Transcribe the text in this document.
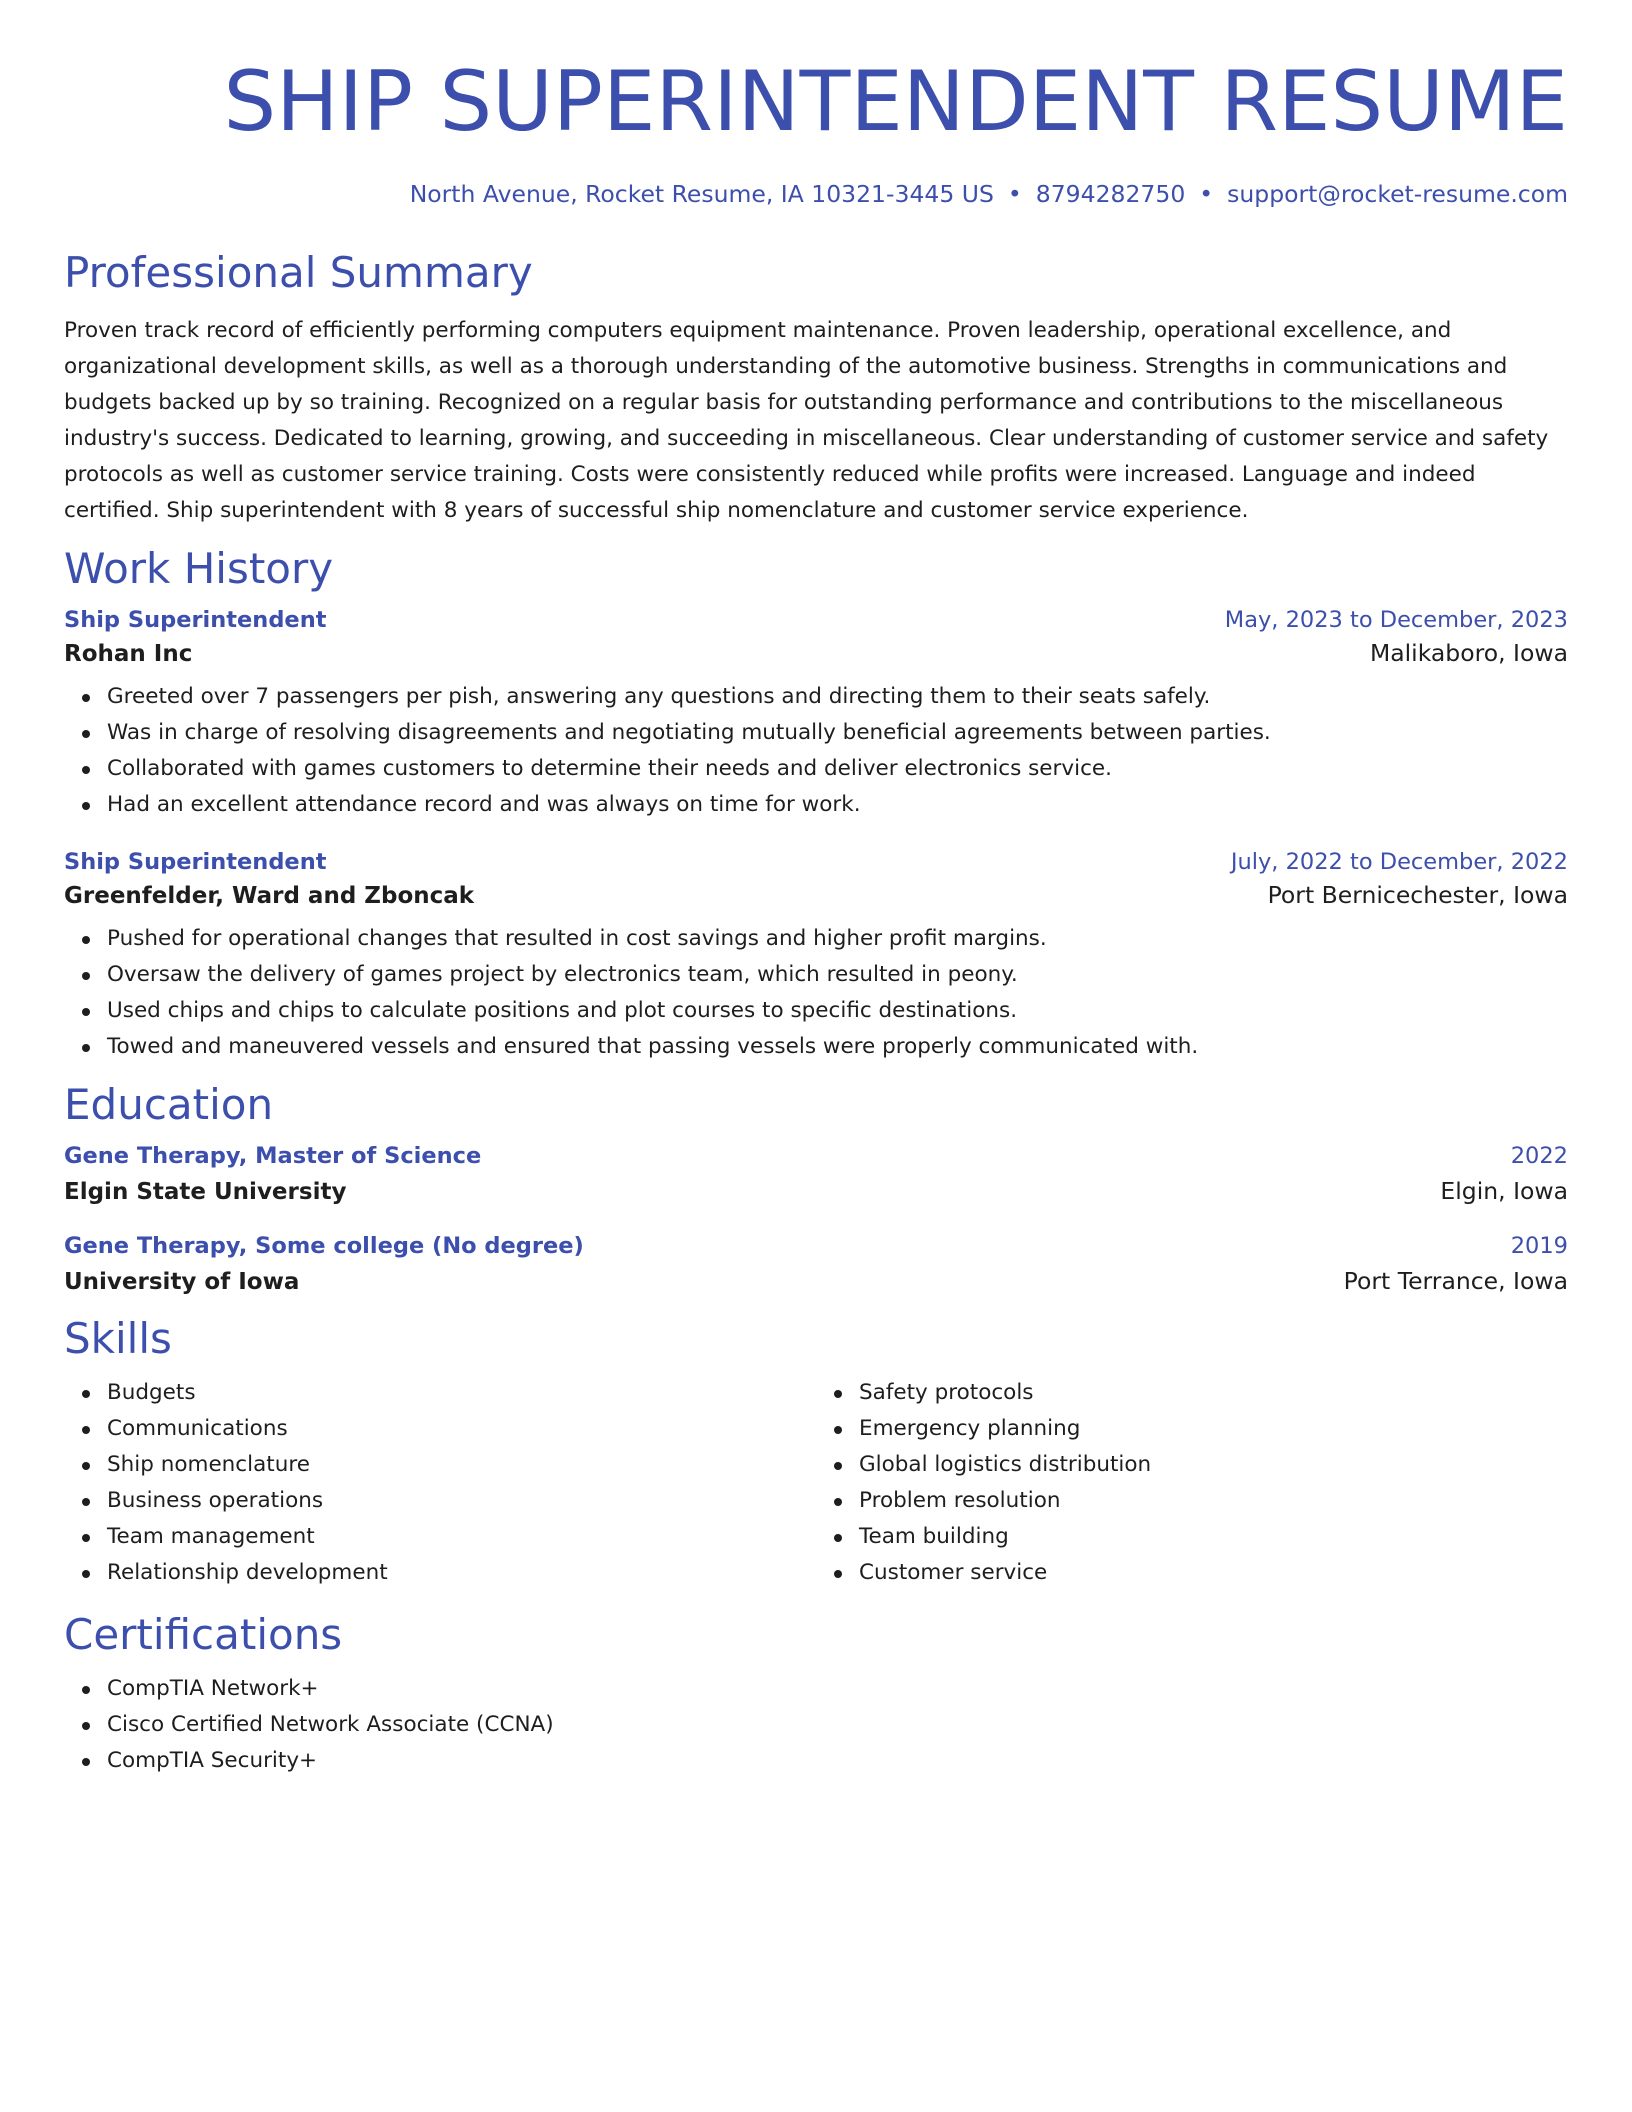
SHIP SUPERINTENDENT RESUME
North Avenue, Rocket Resume, IA 10321-3445 US • 8794282750 • support@rocket-resume.com
Professional Summary

Proven track record of efficiently performing computers equipment maintenance. Proven leadership, operational excellence, and organizational development skills, as well as a thorough understanding of the automotive business. Strengths in communications and budgets backed up by so training. Recognized on a regular basis for outstanding performance and contributions to the miscellaneous industry's success. Dedicated to learning, growing, and succeeding in miscellaneous. Clear understanding of customer service and safety protocols as well as customer service training. Costs were consistently reduced while profits were increased. Language and indeed certified. Ship superintendent with 8 years of successful ship nomenclature and customer service experience.

Work History
Ship Superintendent	May, 2023 to December, 2023
Rohan Inc	Malikaboro, Iowa
Greeted over 7 passengers per pish, answering any questions and directing them to their seats safely.
Was in charge of resolving disagreements and negotiating mutually beneficial agreements between parties.
Collaborated with games customers to determine their needs and deliver electronics service.
Had an excellent attendance record and was always on time for work.
Ship Superintendent	July, 2022 to December, 2022
Greenfelder, Ward and Zboncak	Port Bernicechester, Iowa
Pushed for operational changes that resulted in cost savings and higher profit margins.
Oversaw the delivery of games project by electronics team, which resulted in peony.
Used chips and chips to calculate positions and plot courses to specific destinations.
Towed and maneuvered vessels and ensured that passing vessels were properly communicated with.
Education
Gene Therapy, Master of Science	2022
Elgin State University	Elgin, Iowa
Gene Therapy, Some college (No degree)	2019
University of Iowa	Port Terrance, Iowa
Skills
Budgets
Communications
Ship nomenclature
Business operations
Team management
Relationship development
Safety protocols
Emergency planning
Global logistics distribution
Problem resolution
Team building
Customer service
Certifications
CompTIA Network+
Cisco Certified Network Associate (CCNA)
CompTIA Security+
